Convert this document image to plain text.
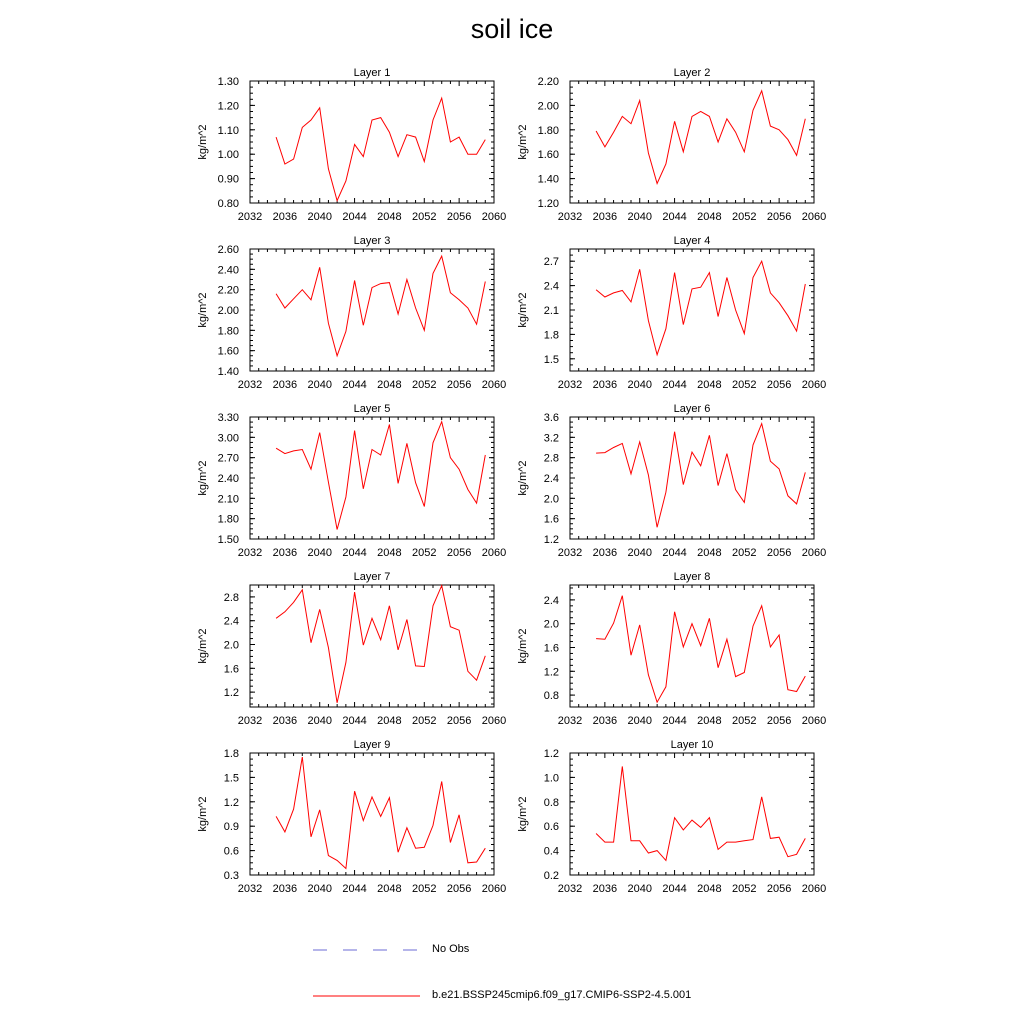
soil ice
Layer 1
kg/m^2
2032 2036 2040 2044 2048 2052 2056 2060
0.80
0.90
1.00
1.10
1.20
1.30
Layer 2
kg/m^2
2032 2036 2040 2044 2048 2052 2056 2060
1.20
1.40
1.60
1.80
2.00
2.20
Layer 3
kg/m^2
2032 2036 2040 2044 2048 2052 2056 2060
1.40
1.60
1.80
2.00
2.20
2.40
2.60
Layer 4
kg/m^2
2032 2036 2040 2044 2048 2052 2056 2060
1.5
1.8
2.1
2.4
2.7
Layer 5
kg/m^2
2032 2036 2040 2044 2048 2052 2056 2060
1.50
1.80
2.10
2.40
2.70
3.00
3.30
Layer 6
kg/m^2
2032 2036 2040 2044 2048 2052 2056 2060
1.2
1.6
2.0
2.4
2.8
3.2
3.6
Layer 7
kg/m^2
2032 2036 2040 2044 2048 2052 2056 2060
1.2
1.6
2.0
2.4
2.8
Layer 8
kg/m^2
2032 2036 2040 2044 2048 2052 2056 2060
0.8
1.2
1.6
2.0
2.4
Layer 9
kg/m^2
2032 2036 2040 2044 2048 2052 2056 2060
0.3
0.6
0.9
1.2
1.5
1.8
Layer 10
kg/m^2
2032 2036 2040 2044 2048 2052 2056 2060
0.2
0.4
0.6
0.8
1.0
1.2
No Obs
b.e21.BSSP245cmip6.f09_g17.CMIP6-SSP2-4.5.001
